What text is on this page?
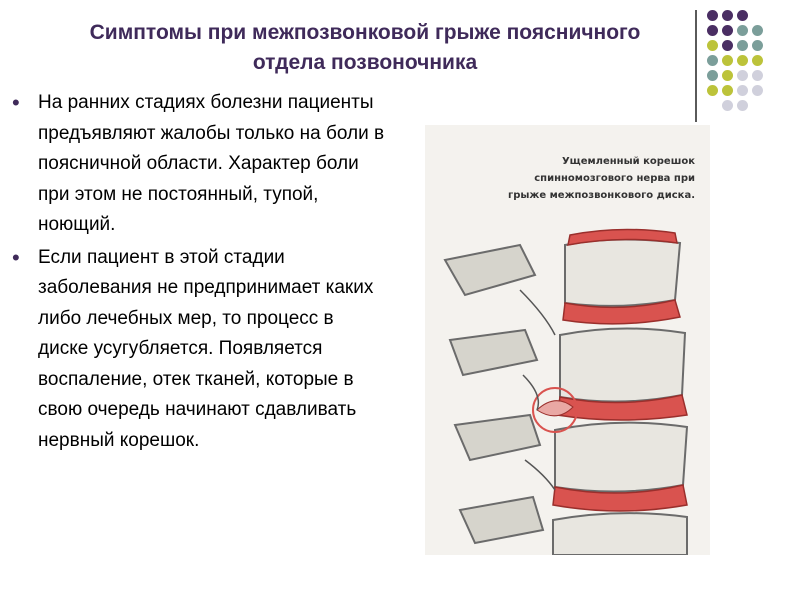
Симптомы при межпозвонковой грыже поясничного отдела позвоночника
• На ранних стадиях болезни пациенты предъявляют жалобы только на боли в поясничной области. Характер боли при этом не постоянный, тупой, ноющий.
• Если пациент в этой стадии заболевания не предпринимает каких либо лечебных мер, то процесс в диске усугубляется. Появляется воспаление, отек тканей, которые в свою очередь начинают сдавливать нервный корешок.
Ущемленный корешок
спинномозгового нерва при
грыже межпозвонкового диска.
